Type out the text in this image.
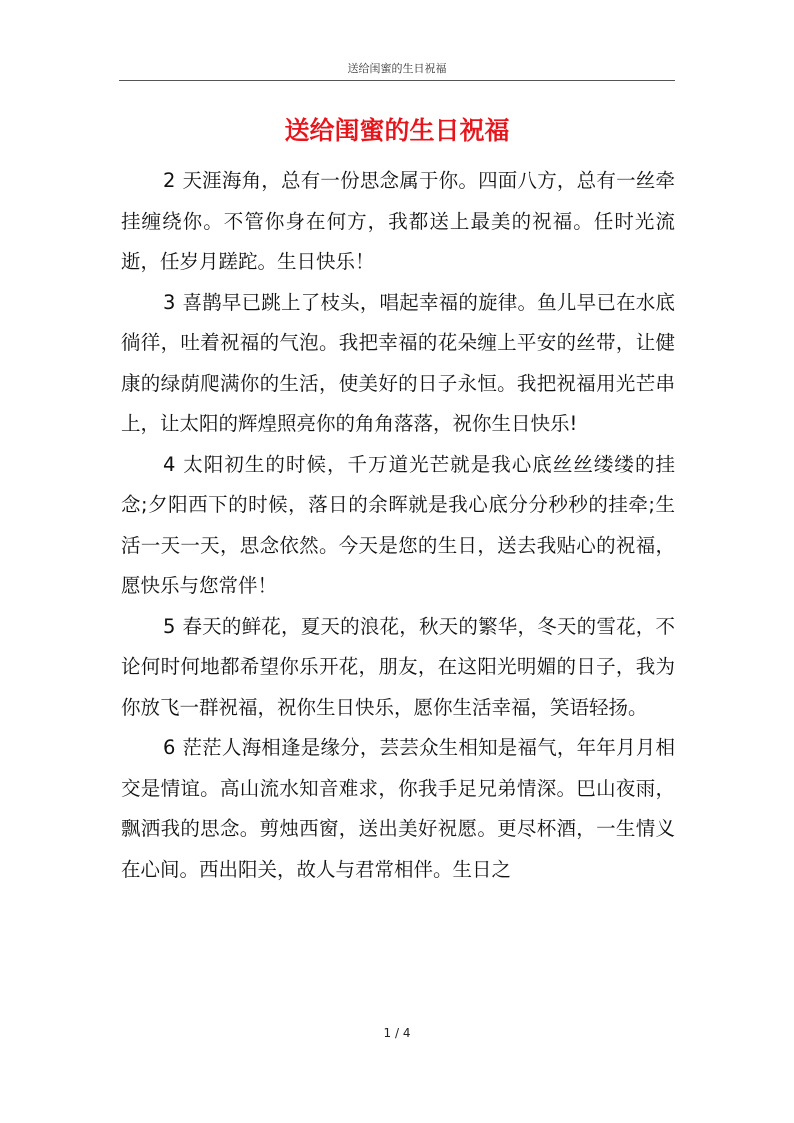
送给闺蜜的生日祝福
送给闺蜜的生日祝福

2 天涯海角，总有一份思念属于你。四面八方，总有一丝牵挂缠绕你。不管你身在何方，我都送上最美的祝福。任时光流逝，任岁月蹉跎。生日快乐！

3 喜鹊早已跳上了枝头，唱起幸福的旋律。鱼儿早已在水底徜徉，吐着祝福的气泡。我把幸福的花朵缠上平安的丝带，让健康的绿荫爬满你的生活，使美好的日子永恒。我把祝福用光芒串上，让太阳的辉煌照亮你的角角落落，祝你生日快乐!

4 太阳初生的时候，千万道光芒就是我心底丝丝缕缕的挂念;夕阳西下的时候，落日的余晖就是我心底分分秒秒的挂牵;生活一天一天，思念依然。今天是您的生日，送去我贴心的祝福，愿快乐与您常伴！

5 春天的鲜花，夏天的浪花，秋天的繁华，冬天的雪花，不论何时何地都希望你乐开花，朋友，在这阳光明媚的日子，我为你放飞一群祝福，祝你生日快乐，愿你生活幸福，笑语轻扬。

6 茫茫人海相逢是缘分，芸芸众生相知是福气，年年月月相交是情谊。高山流水知音难求，你我手足兄弟情深。巴山夜雨，飘洒我的思念。剪烛西窗，送出美好祝愿。更尽杯酒，一生情义在心间。西出阳关，故人与君常相伴。生日之

1 / 4
